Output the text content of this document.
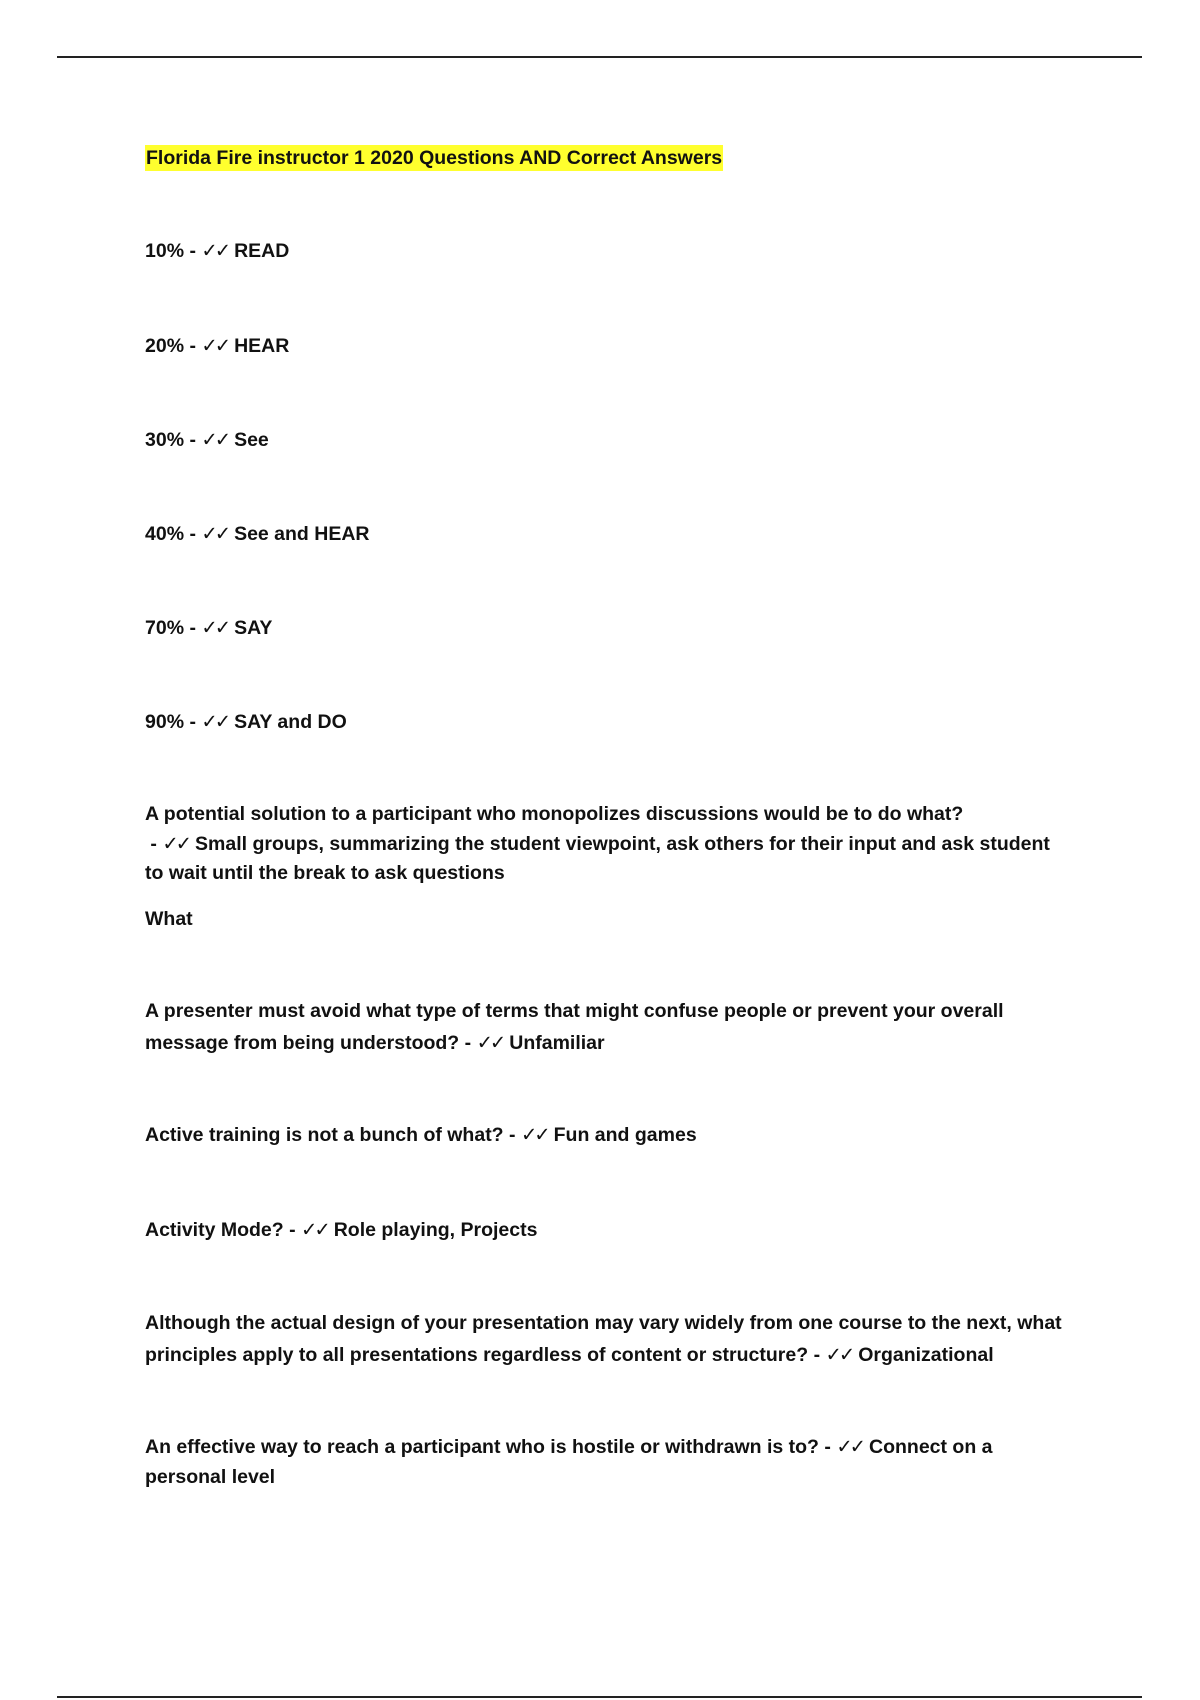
Florida Fire instructor 1 2020 Questions AND Correct Answers

10% - ✓✓ READ

20% - ✓✓ HEAR

30% - ✓✓ See

40% - ✓✓ See and HEAR

70% - ✓✓ SAY

90% - ✓✓ SAY and DO

A potential solution to a participant who monopolizes discussions would be to do what? - ✓✓ Small groups, summarizing the student viewpoint, ask others for their input and ask student to wait until the break to ask questions

What

A presenter must avoid what type of terms that might confuse people or prevent your overall message from being understood? - ✓✓ Unfamiliar

Active training is not a bunch of what? - ✓✓ Fun and games

Activity Mode? - ✓✓ Role playing, Projects

Although the actual design of your presentation may vary widely from one course to the next, what principles apply to all presentations regardless of content or structure? - ✓✓ Organizational

An effective way to reach a participant who is hostile or withdrawn is to? - ✓✓ Connect on a personal level
